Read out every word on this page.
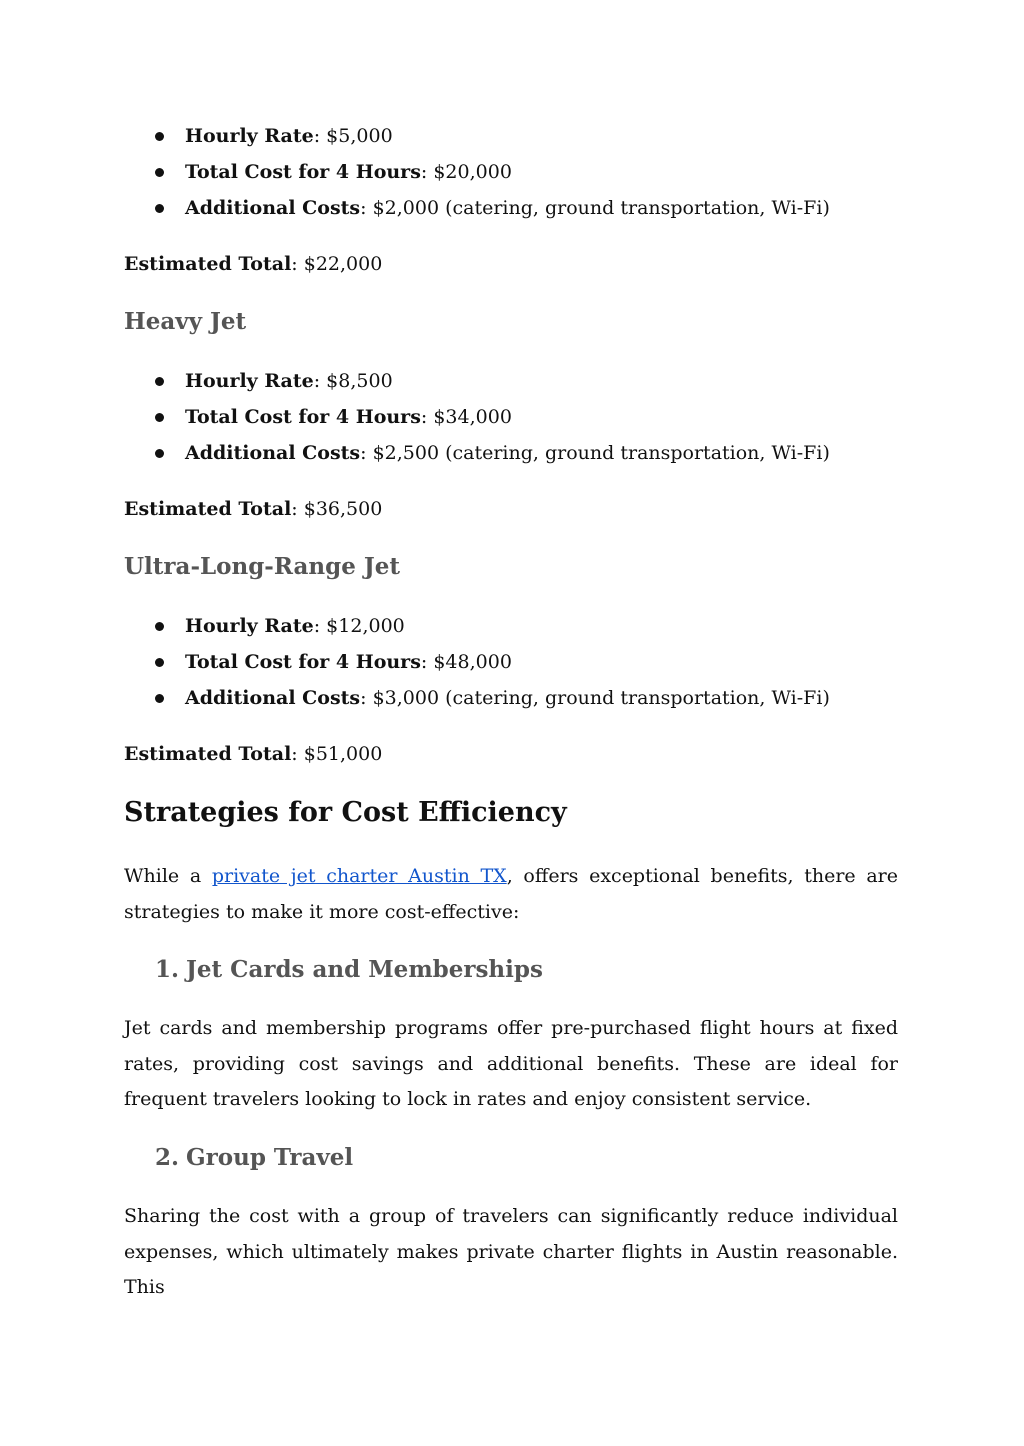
Hourly Rate: $5,000
Total Cost for 4 Hours: $20,000
Additional Costs: $2,000 (catering, ground transportation, Wi-Fi)
Estimated Total: $22,000
Heavy Jet
Hourly Rate: $8,500
Total Cost for 4 Hours: $34,000
Additional Costs: $2,500 (catering, ground transportation, Wi-Fi)
Estimated Total: $36,500
Ultra-Long-Range Jet
Hourly Rate: $12,000
Total Cost for 4 Hours: $48,000
Additional Costs: $3,000 (catering, ground transportation, Wi-Fi)
Estimated Total: $51,000
Strategies for Cost Efficiency
While a private jet charter Austin TX, offers exceptional benefits, there are strategies to make it more cost-effective:
1. Jet Cards and Memberships
Jet cards and membership programs offer pre-purchased flight hours at fixed rates, providing cost savings and additional benefits. These are ideal for frequent travelers looking to lock in rates and enjoy consistent service.
2. Group Travel
Sharing the cost with a group of travelers can significantly reduce individual expenses, which ultimately makes private charter flights in Austin reasonable. This
